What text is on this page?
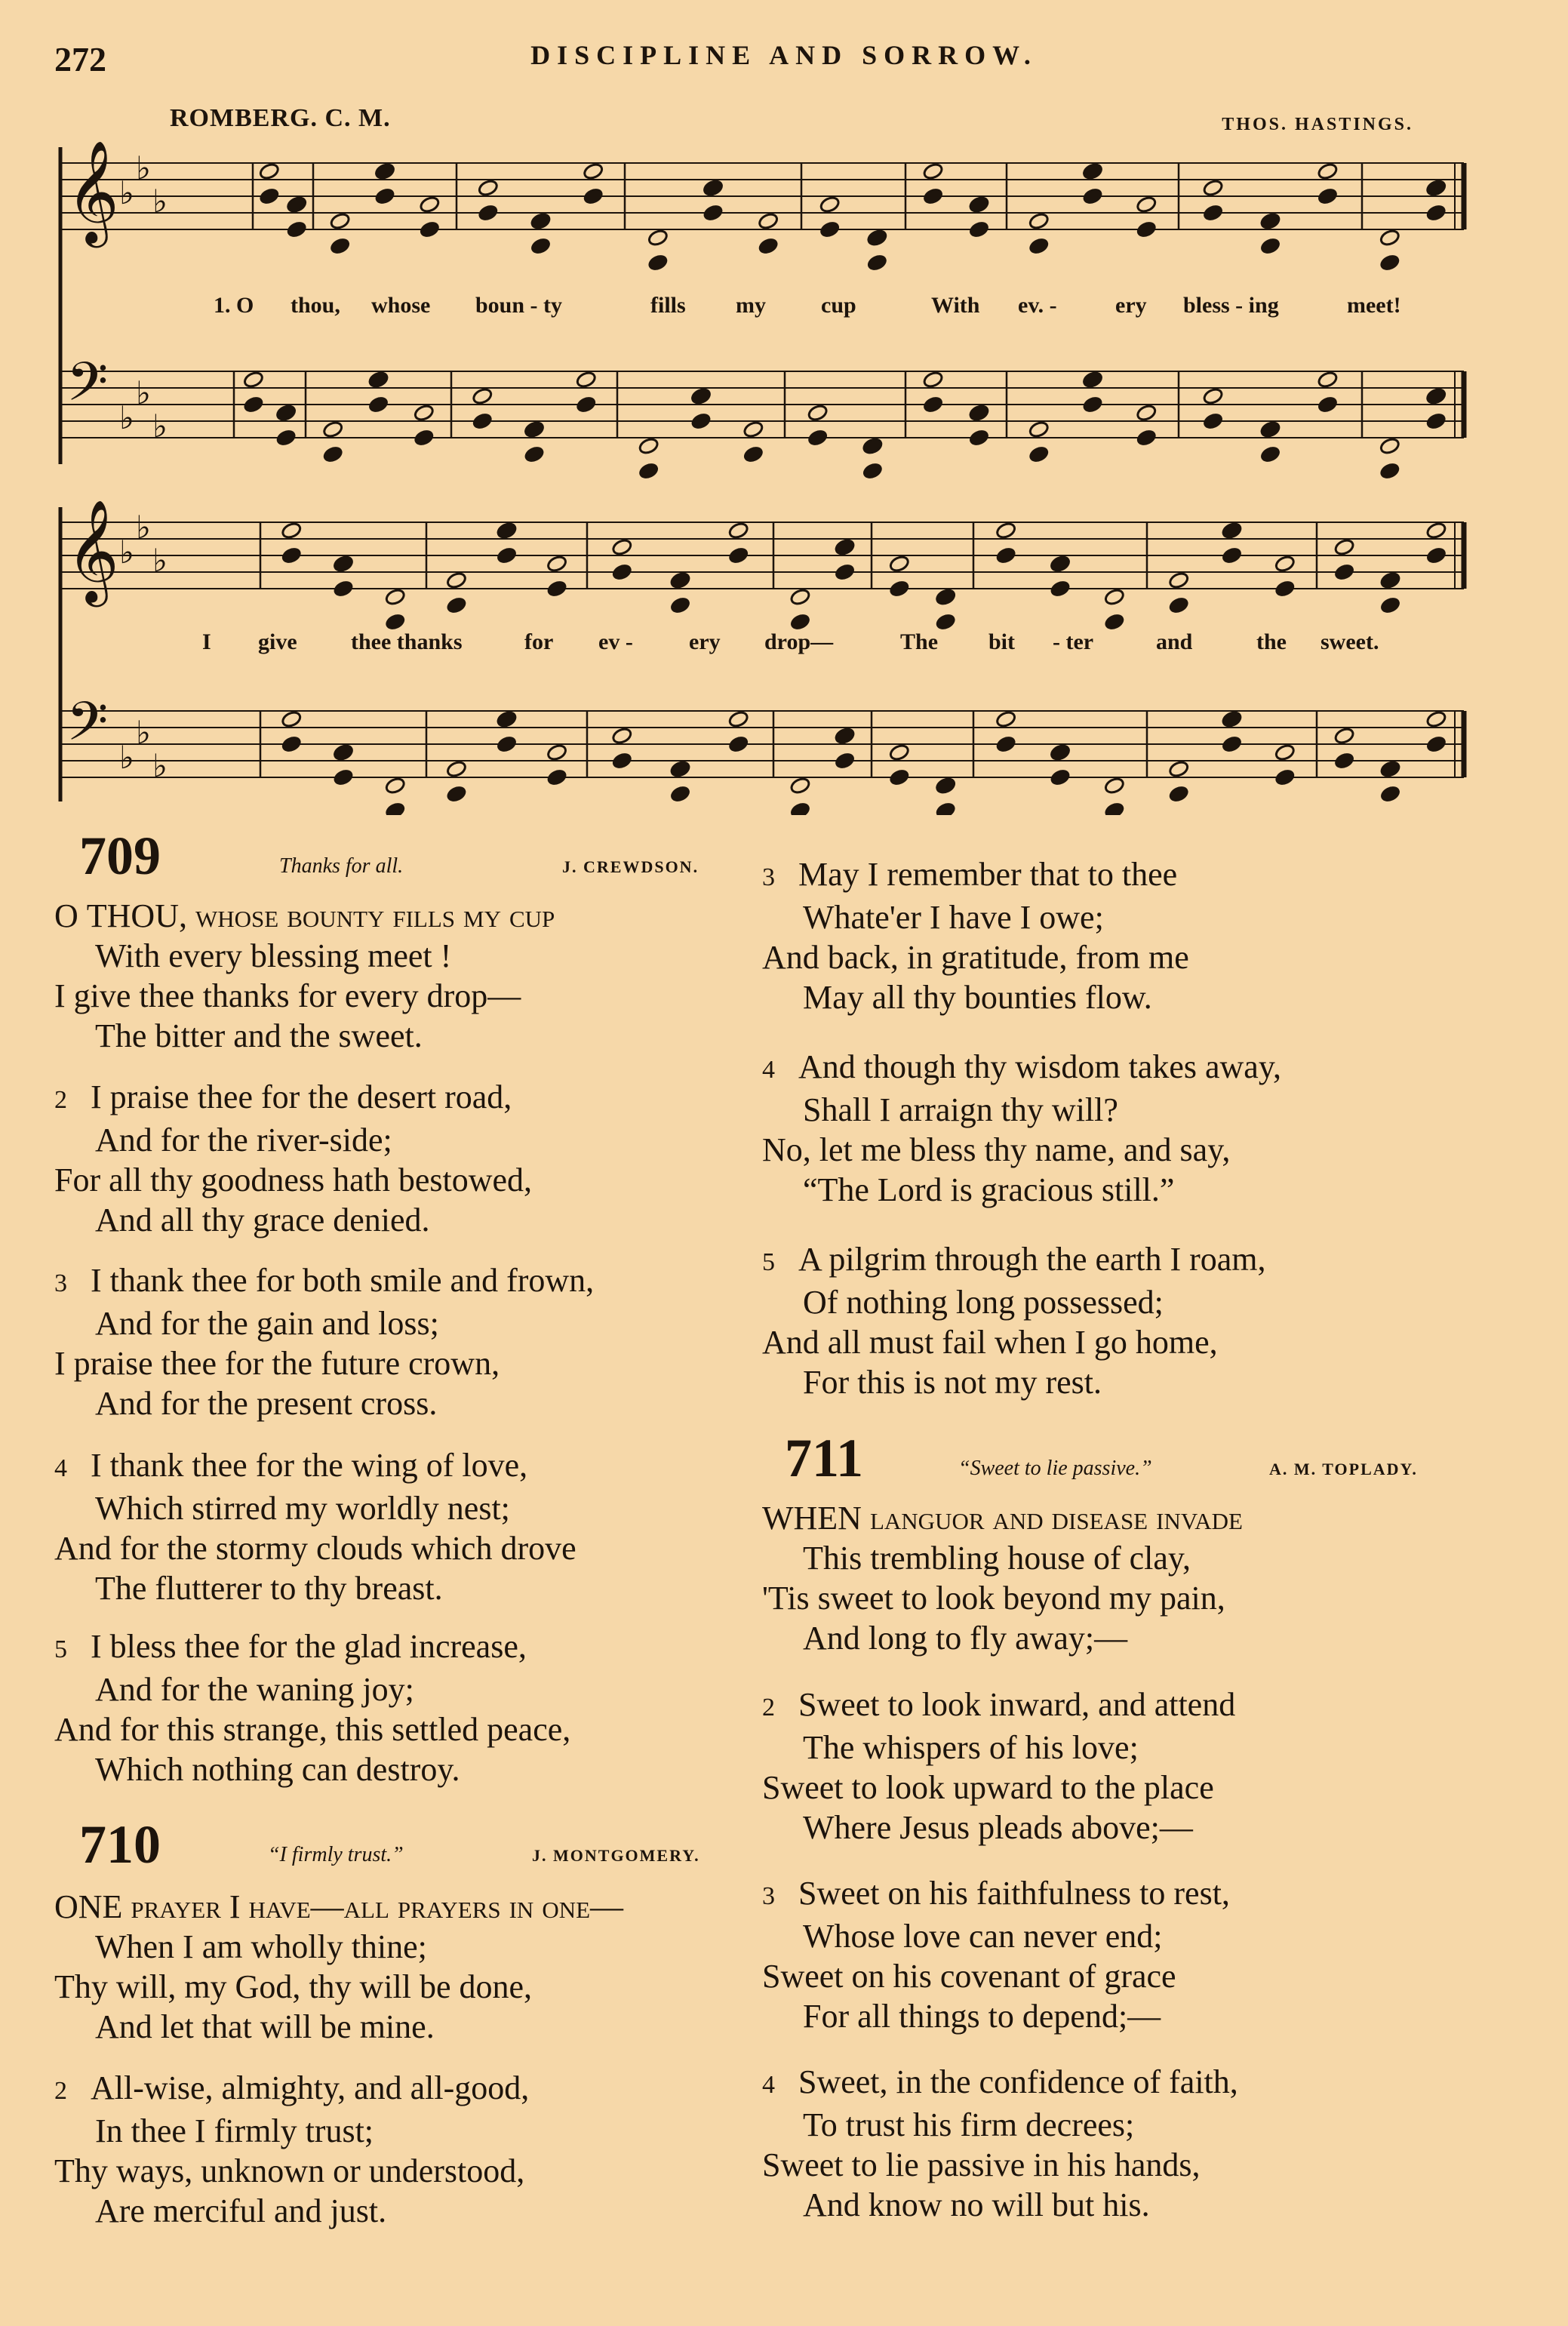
272	DISCIPLINE AND SORROW.
ROMBERG. C. M.	THOS. HASTINGS.
𝄞 ♭
♭
♭
𝄢 ♭
♭
♭
𝄞 ♭
♭
♭
𝄢 ♭
♭
♭
1. O thou, whose boun - ty	fills my cup	With ev. -	ery bless - ing	meet!
I give thee thanks	for ev - ery drop—	The bit - ter	and	the sweet.
709	Thanks for all.	J. CREWDSON.
O THOU, whose bounty fills my cup
With every blessing meet !
I give thee thanks for every drop—
The bitter and the sweet.
2 I praise thee for the desert road,
And for the river-side;
For all thy goodness hath bestowed,
And all thy grace denied.
3 I thank thee for both smile and frown,
And for the gain and loss;
I praise thee for the future crown,
And for the present cross.
4 I thank thee for the wing of love,
Which stirred my worldly nest;
And for the stormy clouds which drove
The flutterer to thy breast.
5 I bless thee for the glad increase,
And for the waning joy;
And for this strange, this settled peace,
Which nothing can destroy.
710	“I firmly trust.”	J. MONTGOMERY.
ONE prayer I have—all prayers in one—
When I am wholly thine;
Thy will, my God, thy will be done,
And let that will be mine.
2 All-wise, almighty, and all-good,
In thee I firmly trust;
Thy ways, unknown or understood,
Are merciful and just.
3 May I remember that to thee
Whate'er I have I owe;
And back, in gratitude, from me
May all thy bounties flow.
4 And though thy wisdom takes away,
Shall I arraign thy will?
No, let me bless thy name, and say,
“The Lord is gracious still.”
5 A pilgrim through the earth I roam,
Of nothing long possessed;
And all must fail when I go home,
For this is not my rest.
711	“Sweet to lie passive.”	A. M. TOPLADY.
WHEN languor and disease invade
This trembling house of clay,
'Tis sweet to look beyond my pain,
And long to fly away;—
2 Sweet to look inward, and attend
The whispers of his love;
Sweet to look upward to the place
Where Jesus pleads above;—
3 Sweet on his faithfulness to rest,
Whose love can never end;
Sweet on his covenant of grace
For all things to depend;—
4 Sweet, in the confidence of faith,
To trust his firm decrees;
Sweet to lie passive in his hands,
And know no will but his.
